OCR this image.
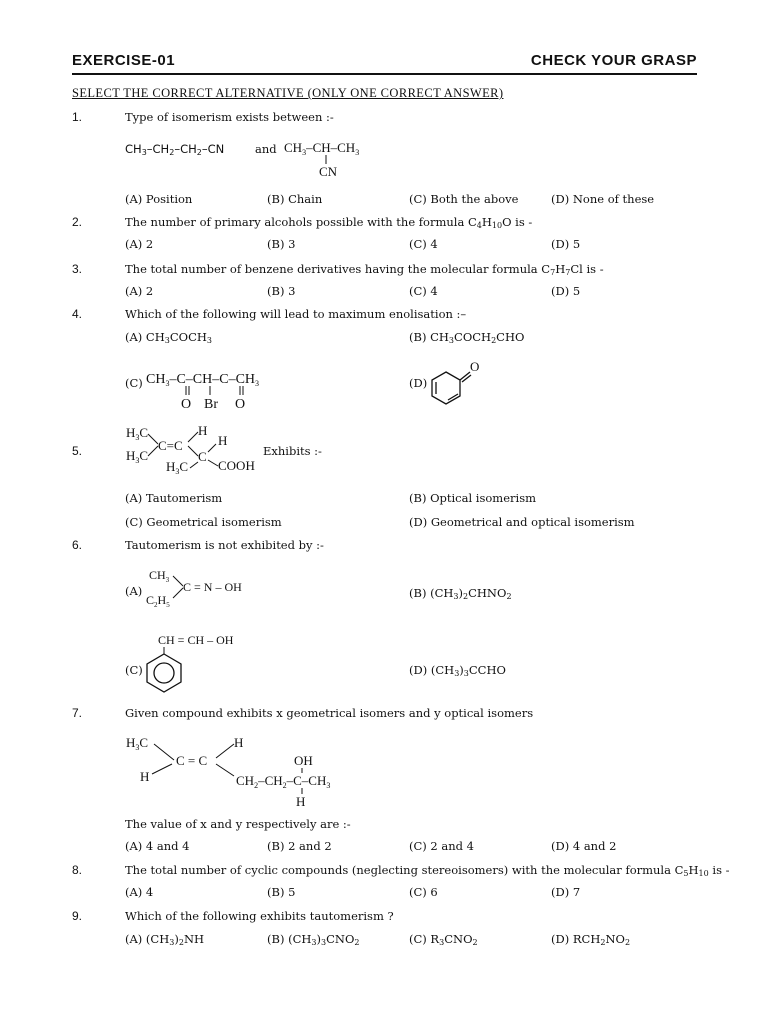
EXERCISE-01	CHECK YOUR GRASP
SELECT THE CORRECT ALTERNATIVE (ONLY ONE CORRECT ANSWER)
1.	Type of isomerism exists between :-
$CH_3-CH_2-CH_2-CN$	and $CH_3-CH-CH_3$
CN
(A) Position	(B) Chain	(C) Both the above	(D) None of these
2.	The number of primary alcohols possible with the formula $C_4H_{10}O$ is -
(A) 2	(B) 3	(C) 4	(D) 5
3.	The total number of benzene derivatives having the molecular formula $C_7H_7Cl$ is -
(A) 2	(B) 3	(C) 4	(D) 5
4.	Which of the following will lead to maximum enolisation :–
(A) $CH_3COCH_3$	(B) $CH_3COCH_2CHO$
(C) $CH_3-C-CH-C-CH_3$
O Br O
(D)
O
5.
$H_3C$
$H_3C$
C=C
H
C
H
COOH
$H_3C$
Exhibits :-
(A) Tautomerism	(B) Optical isomerism
(C) Geometrical isomerism	(D) Geometrical and optical isomerism
6.	Tautomerism is not exhibited by :-
(A)
$CH_3$
$C_2H_5$
C = N – OH	(B) $(CH_3)_2CHNO_2$
CH = CH – OH
(C)	(D) $(CH_3)_3CCHO$
7.	Given compound exhibits x geometrical isomers and y optical isomers
$H_3C$
H
C = C
H
OH
$CH_2-CH_2-C-CH_3$
H
The value of x and y respectively are :-
(A) 4 and 4	(B) 2 and 2	(C) 2 and 4	(D) 4 and 2
8.	The total number of cyclic compounds (neglecting stereoisomers) with the molecular formula $C_5H_{10}$ is -
(A) 4	(B) 5	(C) 6	(D) 7
9.	Which of the following exhibits tautomerism ?
(A) $(CH_3)_2NH$	(B) $(CH_3)_3CNO_2$	(C) $R_3CNO_2$	(D) $RCH_2NO_2$
